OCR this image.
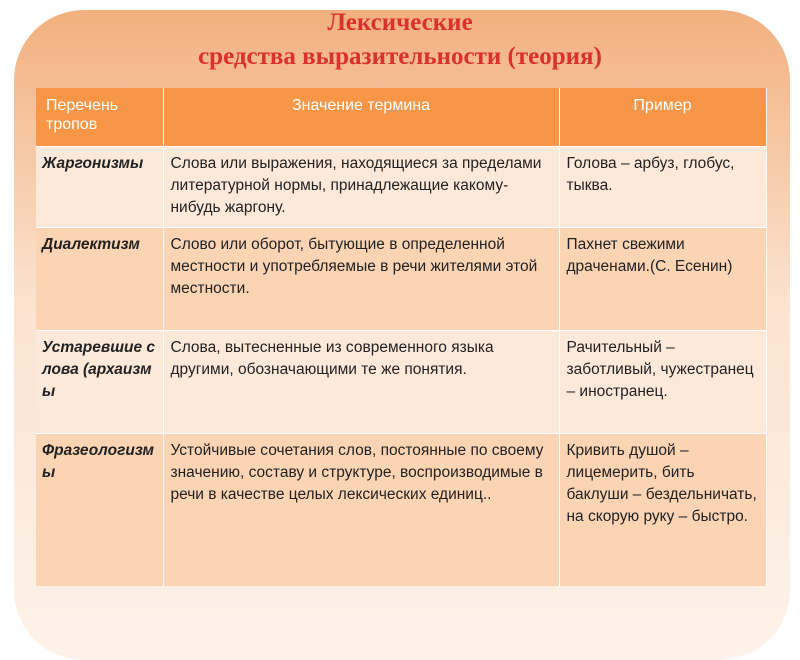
Лексические
средства выразительности (теория)
Перечень тропов	Значение термина	Пример
Жаргонизмы	Слова или выражения, находящиеся за пределами литературной нормы, принадлежащие какому-нибудь жаргону.	Голова – арбуз, глобус, тыква.
Диалектизм	Слово или оборот, бытующие в определенной местности и употребляемые в речи жителями этой местности.	Пахнет свежими драченами.(С. Есенин)
Устаревшие слова (архаизмы	Слова, вытесненные из современного языка другими, обозначающими те же понятия.	Рачительный – заботливый, чужестранец – иностранец.
Фразеологизмы	Устойчивые сочетания слов, постоянные по своему значению, составу и структуре, воспроизводимые в речи в качестве целых лексических единиц..	Кривить душой – лицемерить, бить баклуши – бездельничать, на скорую руку – быстро.
